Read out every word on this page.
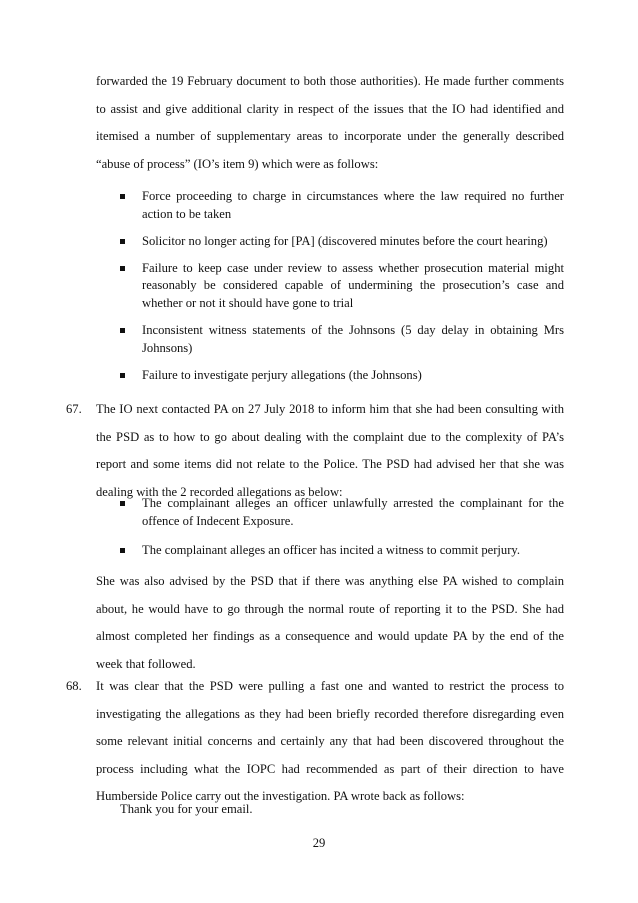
forwarded the 19 February document to both those authorities). He made further comments to assist and give additional clarity in respect of the issues that the IO had identified and itemised a number of supplementary areas to incorporate under the generally described “abuse of process” (IO’s item 9) which were as follows:

Force proceeding to charge in circumstances where the law required no further action to be taken
Solicitor no longer acting for [PA] (discovered minutes before the court hearing)
Failure to keep case under review to assess whether prosecution material might reasonably be considered capable of undermining the prosecution’s case and whether or not it should have gone to trial
Inconsistent witness statements of the Johnsons (5 day delay in obtaining Mrs Johnsons)
Failure to investigate perjury allegations (the Johnsons)
67.	The IO next contacted PA on 27 July 2018 to inform him that she had been consulting with the PSD as to how to go about dealing with the complaint due to the complexity of PA’s report and some items did not relate to the Police. The PSD had advised her that she was dealing with the 2 recorded allegations as below:

The complainant alleges an officer unlawfully arrested the complainant for the offence of Indecent Exposure.
The complainant alleges an officer has incited a witness to commit perjury.

She was also advised by the PSD that if there was anything else PA wished to complain about, he would have to go through the normal route of reporting it to the PSD. She had almost completed her findings as a consequence and would update PA by the end of the week that followed.

68.	It was clear that the PSD were pulling a fast one and wanted to restrict the process to investigating the allegations as they had been briefly recorded therefore disregarding even some relevant initial concerns and certainly any that had been discovered throughout the process including what the IOPC had recommended as part of their direction to have Humberside Police carry out the investigation. PA wrote back as follows:

Thank you for your email.
29
